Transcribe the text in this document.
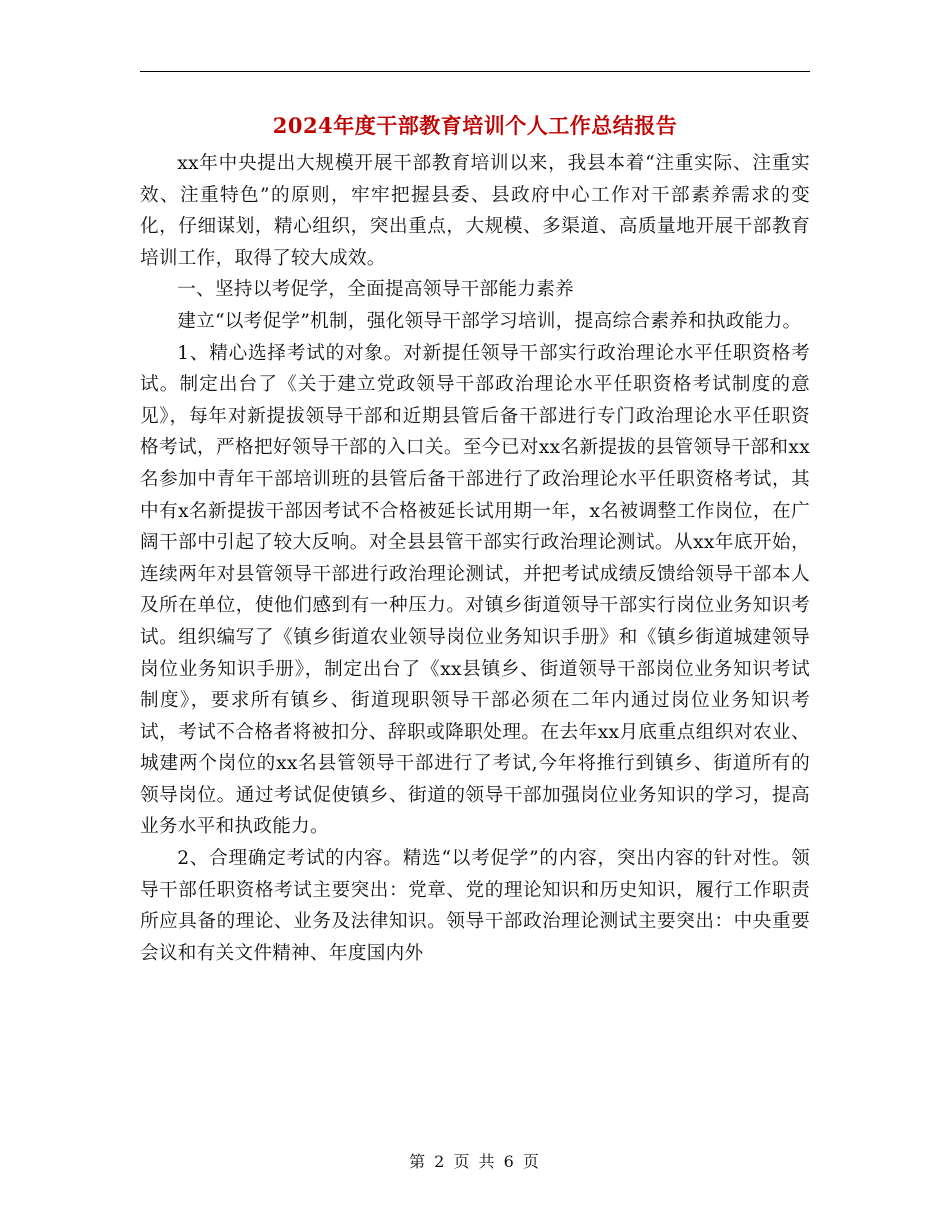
2024年度干部教育培训个人工作总结报告

xx年中央提出大规模开展干部教育培训以来，我县本着“注重实际、注重实效、注重特色”的原则，牢牢把握县委、县政府中心工作对干部素养需求的变化，仔细谋划，精心组织，突出重点，大规模、多渠道、高质量地开展干部教育培训工作，取得了较大成效。

一、坚持以考促学，全面提高领导干部能力素养

建立“以考促学”机制，强化领导干部学习培训，提高综合素养和执政能力。

1、精心选择考试的对象。对新提任领导干部实行政治理论水平任职资格考试。制定出台了《关于建立党政领导干部政治理论水平任职资格考试制度的意见》，每年对新提拔领导干部和近期县管后备干部进行专门政治理论水平任职资格考试，严格把好领导干部的入口关。至今已对xx名新提拔的县管领导干部和xx名参加中青年干部培训班的县管后备干部进行了政治理论水平任职资格考试，其中有x名新提拔干部因考试不合格被延长试用期一年，x名被调整工作岗位，在广阔干部中引起了较大反响。对全县县管干部实行政治理论测试。从xx年底开始，连续两年对县管领导干部进行政治理论测试，并把考试成绩反馈给领导干部本人及所在单位，使他们感到有一种压力。对镇乡街道领导干部实行岗位业务知识考试。组织编写了《镇乡街道农业领导岗位业务知识手册》和《镇乡街道城建领导岗位业务知识手册》，制定出台了《xx县镇乡、街道领导干部岗位业务知识考试制度》，要求所有镇乡、街道现职领导干部必须在二年内通过岗位业务知识考试，考试不合格者将被扣分、辞职或降职处理。在去年xx月底重点组织对农业、城建两个岗位的xx名县管领导干部进行了考试,今年将推行到镇乡、街道所有的领导岗位。通过考试促使镇乡、街道的领导干部加强岗位业务知识的学习，提高业务水平和执政能力。

2、合理确定考试的内容。精选“以考促学”的内容，突出内容的针对性。领导干部任职资格考试主要突出：党章、党的理论知识和历史知识，履行工作职责所应具备的理论、业务及法律知识。领导干部政治理论测试主要突出：中央重要会议和有关文件精神、年度国内外

第 2 页 共 6 页
